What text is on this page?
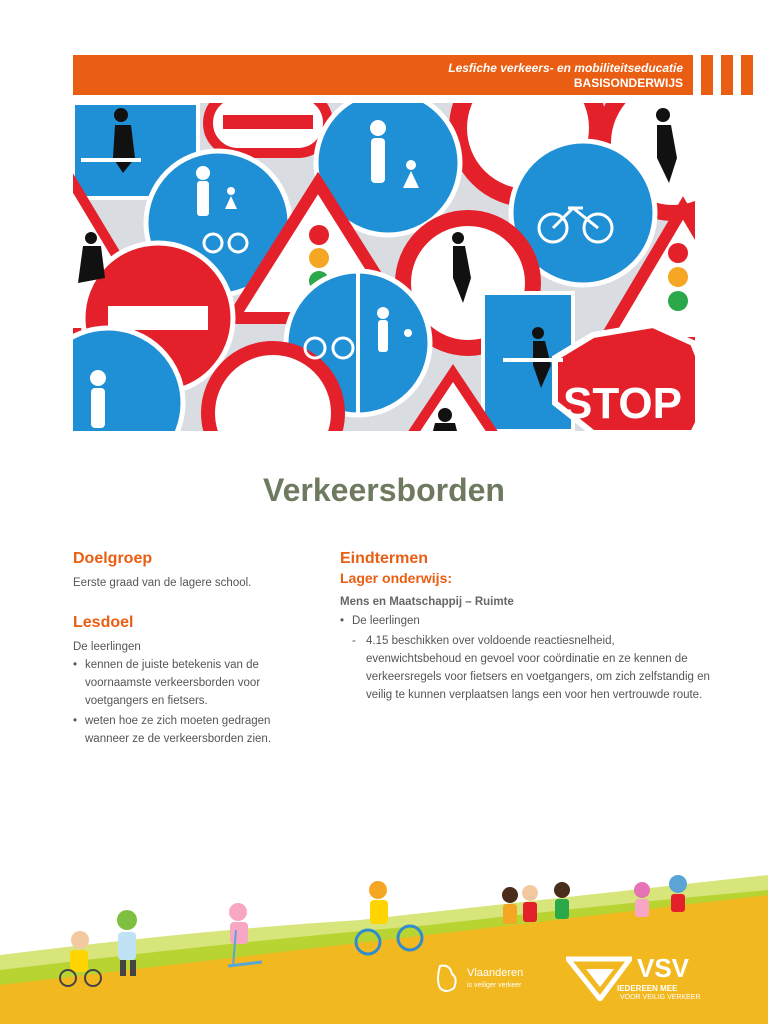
Lesfiche verkeers- en mobiliteitseducatie
BASISONDERWIJS
STOP
Verkeersborden
Doelgroep

Eerste graad van de lagere school.

Lesdoel

De leerlingen

• kennen de juiste betekenis van de voornaamste verkeersborden voor voetgangers en fietsers.
• weten hoe ze zich moeten gedragen wanneer ze de verkeersborden zien.
Eindtermen
Lager onderwijs:
Mens en Maatschappij – Ruimte
• De leerlingen
- 4.15 beschikken over voldoende reactiesnelheid, evenwichtsbehoud en gevoel voor coördinatie en ze kennen de verkeersregels voor fietsers en voetgangers, om zich zelfstandig en veilig te kunnen verplaatsen langs een voor hen vertrouwde route.
Vlaanderen
is veiliger verkeer
VSV
IEDEREEN MEE
VOOR VEILIG VERKEER
